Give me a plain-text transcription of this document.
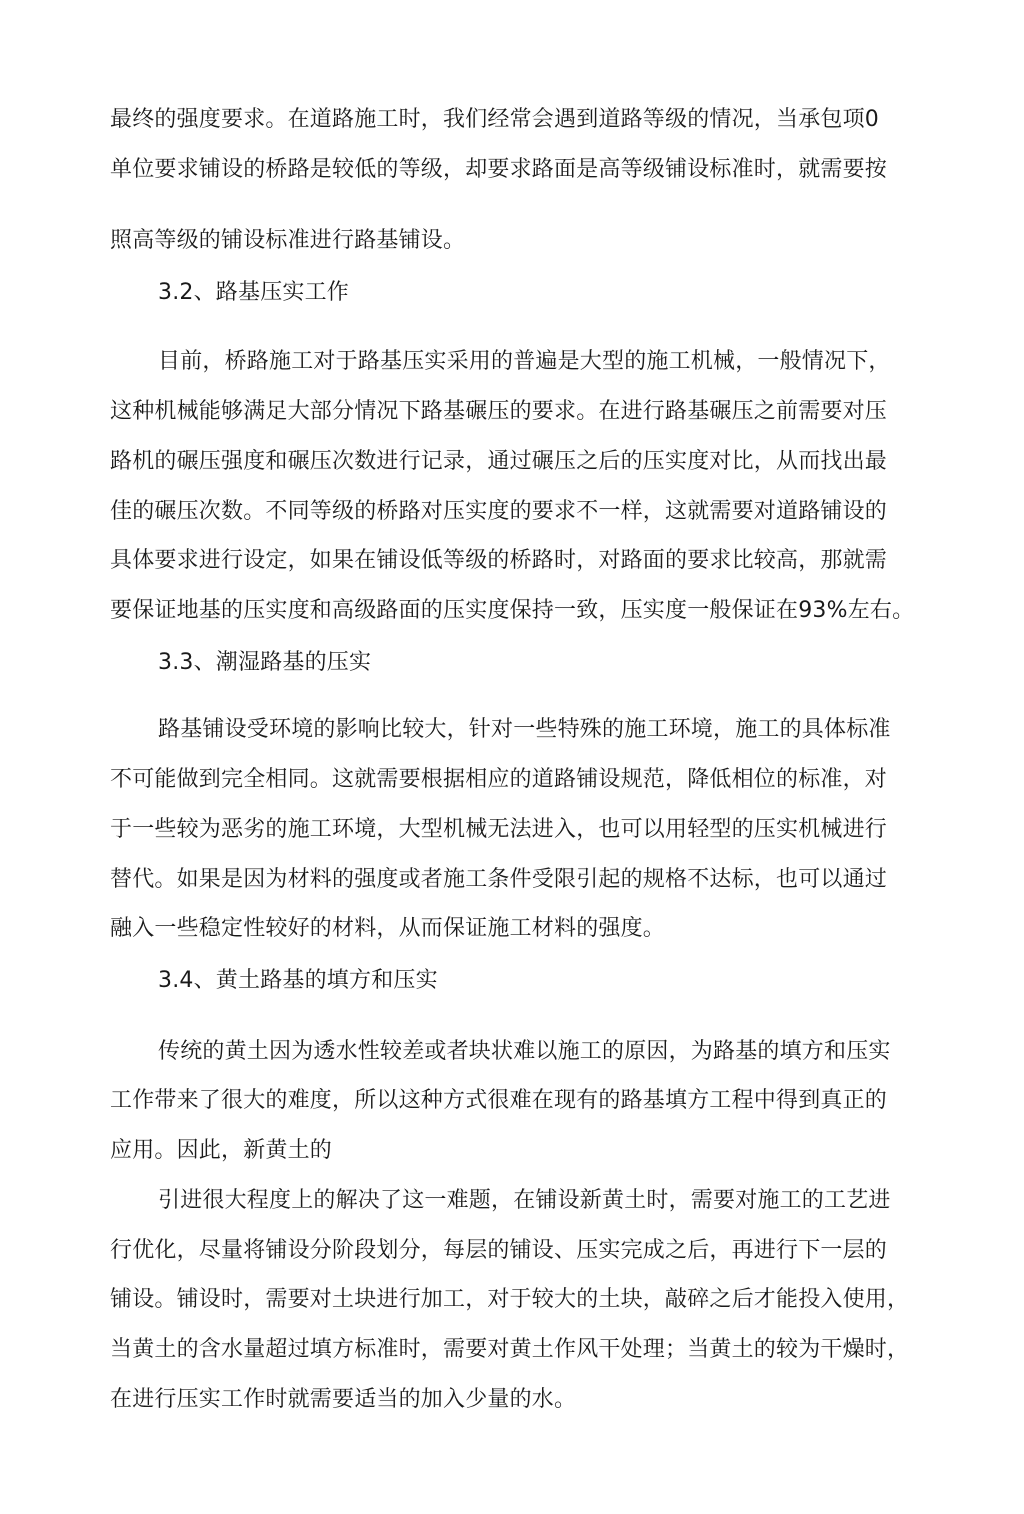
最终的强度要求。在道路施工时，我们经常会遇到道路等级的情况，当承包项0
单位要求铺设的桥路是较低的等级，却要求路面是高等级铺设标准时，就需要按
照高等级的铺设标准进行路基铺设。
3.2、路基压实工作
目前，桥路施工对于路基压实采用的普遍是大型的施工机械，一般情况下，
这种机械能够满足大部分情况下路基碾压的要求。在进行路基碾压之前需要对压
路机的碾压强度和碾压次数进行记录，通过碾压之后的压实度对比，从而找出最
佳的碾压次数。不同等级的桥路对压实度的要求不一样，这就需要对道路铺设的
具体要求进行设定，如果在铺设低等级的桥路时，对路面的要求比较高，那就需
要保证地基的压实度和高级路面的压实度保持一致，压实度一般保证在93%左右。
3.3、潮湿路基的压实
路基铺设受环境的影响比较大，针对一些特殊的施工环境，施工的具体标准
不可能做到完全相同。这就需要根据相应的道路铺设规范，降低相位的标准，对
于一些较为恶劣的施工环境，大型机械无法进入，也可以用轻型的压实机械进行
替代。如果是因为材料的强度或者施工条件受限引起的规格不达标，也可以通过
融入一些稳定性较好的材料，从而保证施工材料的强度。
3.4、黄土路基的填方和压实
传统的黄土因为透水性较差或者块状难以施工的原因，为路基的填方和压实
工作带来了很大的难度，所以这种方式很难在现有的路基填方工程中得到真正的
应用。因此，新黄土的
引进很大程度上的解决了这一难题，在铺设新黄土时，需要对施工的工艺进
行优化，尽量将铺设分阶段划分，每层的铺设、压实完成之后，再进行下一层的
铺设。铺设时，需要对土块进行加工，对于较大的土块，敲碎之后才能投入使用，
当黄土的含水量超过填方标准时，需要对黄土作风干处理；当黄土的较为干燥时，
在进行压实工作时就需要适当的加入少量的水。
